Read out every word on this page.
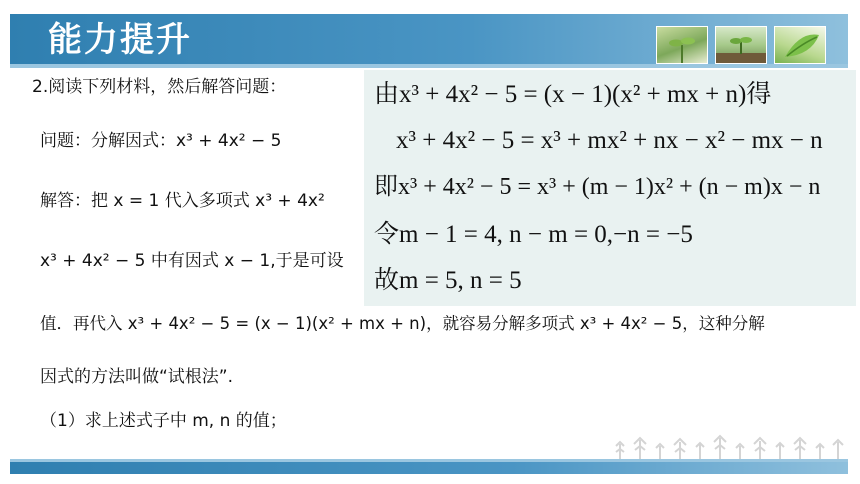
能力提升
2.阅读下列材料，然后解答问题：
问题：分解因式：x³ + 4x² − 5
解答：把 x = 1 代入多项式 x³ + 4x²
x³ + 4x² − 5 中有因式 x − 1,于是可设
值．再代入 x³ + 4x² − 5 = (x − 1)(x² + mx + n)，就容易分解多项式 x³ + 4x² − 5，这种分解
因式的方法叫做“试根法”.
（1）求上述式子中 m, n 的值；
由x³ + 4x² − 5 = (x − 1)(x² + mx + n)得
x³ + 4x² − 5 = x³ + mx² + nx − x² − mx − n
即x³ + 4x² − 5 = x³ + (m − 1)x² + (n − m)x − n
令m − 1 = 4, n − m = 0,−n = −5
故m = 5, n = 5
